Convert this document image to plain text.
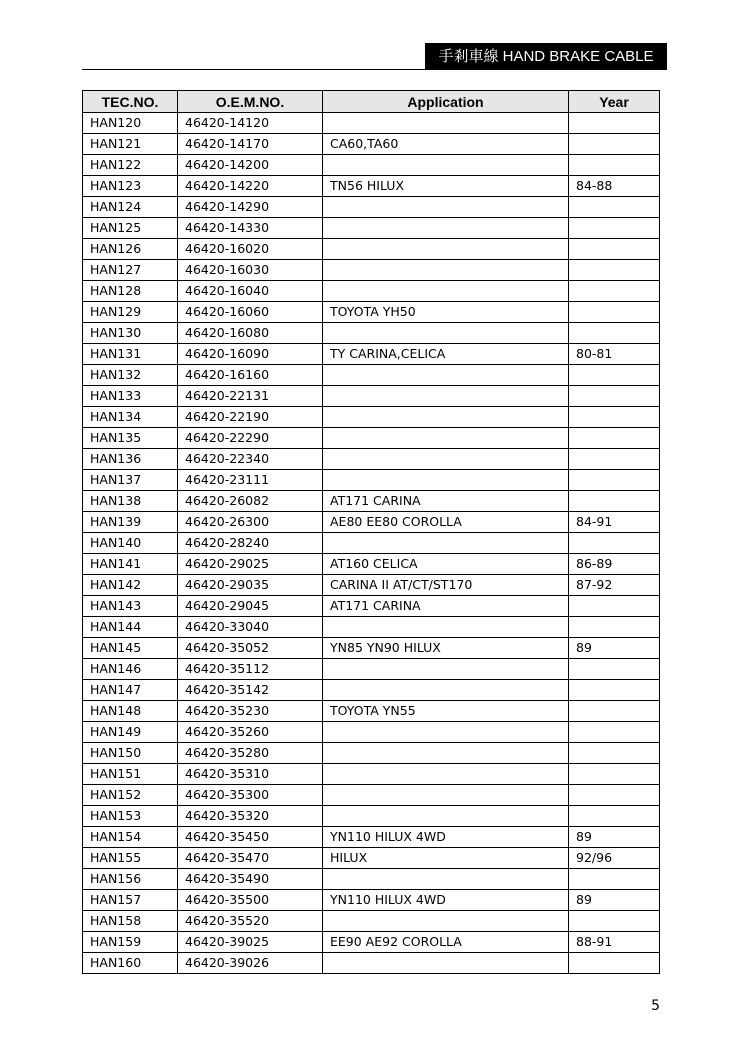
手剎車線 HAND BRAKE CABLE
TEC.NO.	O.E.M.NO.	Application	Year
HAN120	46420-14120		
HAN121	46420-14170	CA60,TA60	
HAN122	46420-14200		
HAN123	46420-14220	TN56 HILUX	84-88
HAN124	46420-14290		
HAN125	46420-14330		
HAN126	46420-16020		
HAN127	46420-16030		
HAN128	46420-16040		
HAN129	46420-16060	TOYOTA YH50	
HAN130	46420-16080		
HAN131	46420-16090	TY CARINA,CELICA	80-81
HAN132	46420-16160		
HAN133	46420-22131		
HAN134	46420-22190		
HAN135	46420-22290		
HAN136	46420-22340		
HAN137	46420-23111		
HAN138	46420-26082	AT171 CARINA	
HAN139	46420-26300	AE80 EE80 COROLLA	84-91
HAN140	46420-28240		
HAN141	46420-29025	AT160 CELICA	86-89
HAN142	46420-29035	CARINA II AT/CT/ST170	87-92
HAN143	46420-29045	AT171 CARINA	
HAN144	46420-33040		
HAN145	46420-35052	YN85 YN90 HILUX	89
HAN146	46420-35112		
HAN147	46420-35142		
HAN148	46420-35230	TOYOTA YN55	
HAN149	46420-35260		
HAN150	46420-35280		
HAN151	46420-35310		
HAN152	46420-35300		
HAN153	46420-35320		
HAN154	46420-35450	YN110 HILUX 4WD	89
HAN155	46420-35470	HILUX	92/96
HAN156	46420-35490		
HAN157	46420-35500	YN110 HILUX 4WD	89
HAN158	46420-35520		
HAN159	46420-39025	EE90 AE92 COROLLA	88-91
HAN160	46420-39026		
5
